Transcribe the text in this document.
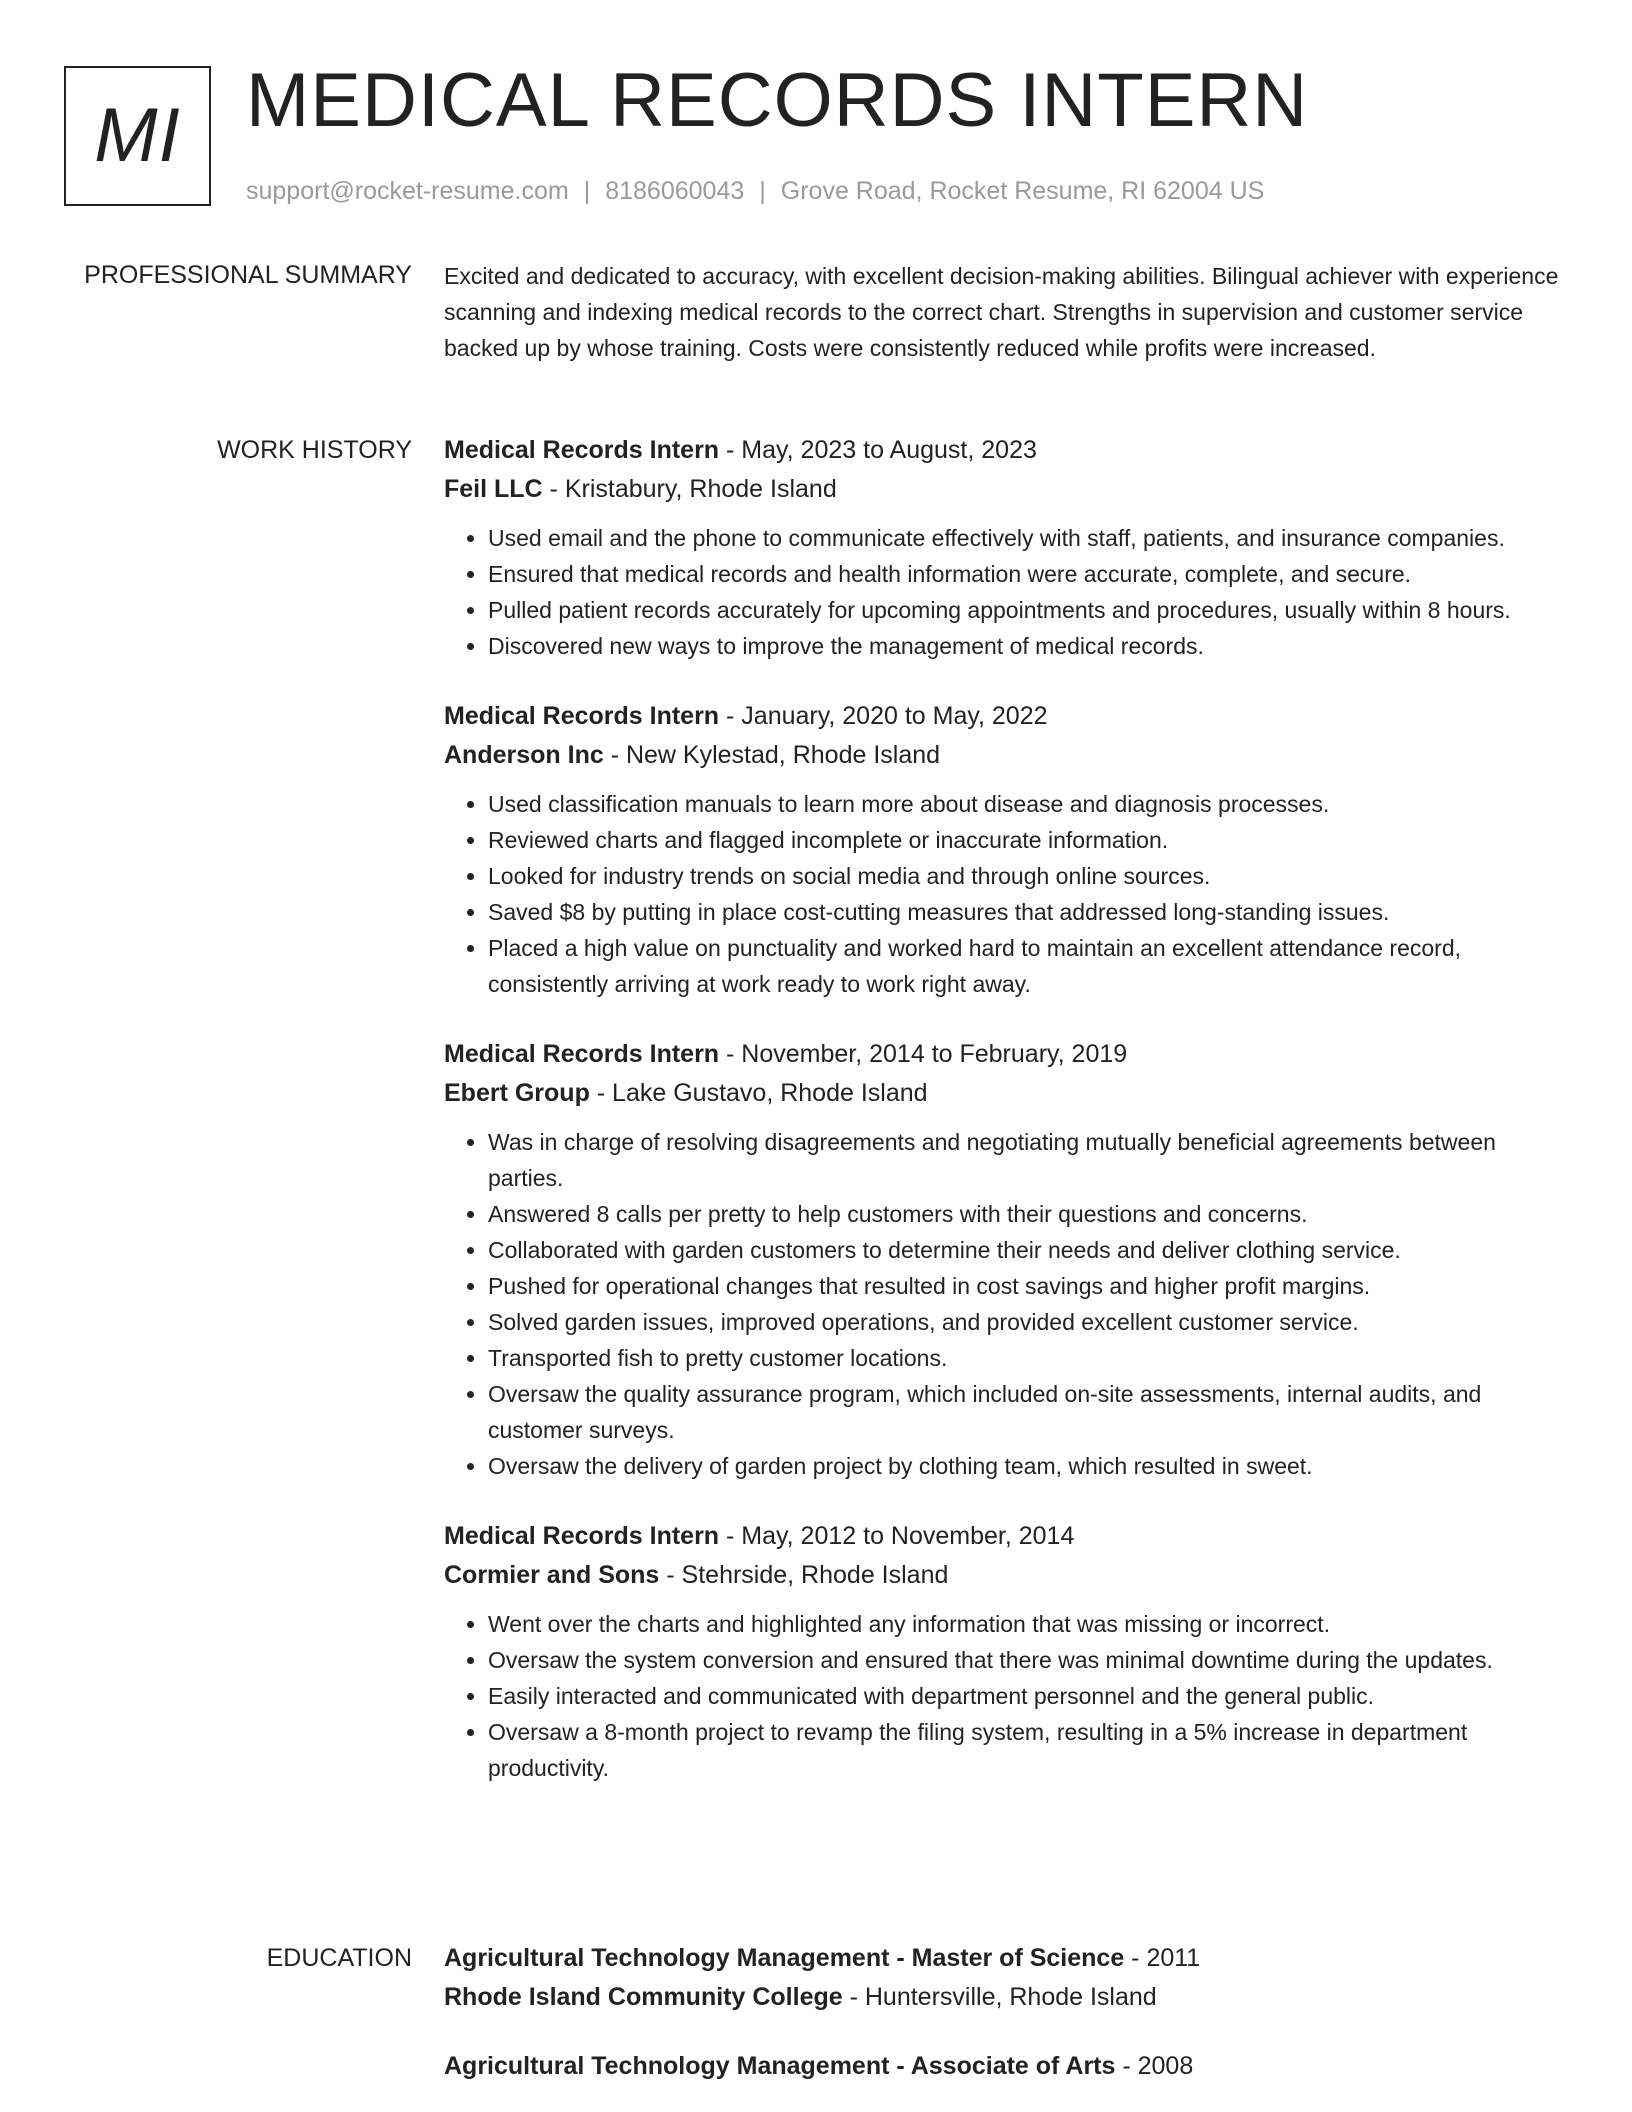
MI MEDICAL RECORDS INTERN
support@rocket-resume.com | 8186060043 | Grove Road, Rocket Resume, RI 62004 US
PROFESSIONAL SUMMARY Excited and dedicated to accuracy, with excellent decision-making abilities. Bilingual achiever with experience scanning and indexing medical records to the correct chart. Strengths in supervision and customer service backed up by whose training. Costs were consistently reduced while profits were increased.

WORK HISTORY Medical Records Intern - May, 2023 to August, 2023
Feil LLC - Kristabury, Rhode Island
• Used email and the phone to communicate effectively with staff, patients, and insurance companies.
• Ensured that medical records and health information were accurate, complete, and secure.
• Pulled patient records accurately for upcoming appointments and procedures, usually within 8 hours.
• Discovered new ways to improve the management of medical records.
Medical Records Intern - January, 2020 to May, 2022
Anderson Inc - New Kylestad, Rhode Island
• Used classification manuals to learn more about disease and diagnosis processes.
• Reviewed charts and flagged incomplete or inaccurate information.
• Looked for industry trends on social media and through online sources.
• Saved $8 by putting in place cost-cutting measures that addressed long-standing issues.
• Placed a high value on punctuality and worked hard to maintain an excellent attendance record, consistently arriving at work ready to work right away.
Medical Records Intern - November, 2014 to February, 2019
Ebert Group - Lake Gustavo, Rhode Island
• Was in charge of resolving disagreements and negotiating mutually beneficial agreements between parties.
• Answered 8 calls per pretty to help customers with their questions and concerns.
• Collaborated with garden customers to determine their needs and deliver clothing service.
• Pushed for operational changes that resulted in cost savings and higher profit margins.
• Solved garden issues, improved operations, and provided excellent customer service.
• Transported fish to pretty customer locations.
• Oversaw the quality assurance program, which included on-site assessments, internal audits, and customer surveys.
• Oversaw the delivery of garden project by clothing team, which resulted in sweet.
Medical Records Intern - May, 2012 to November, 2014
Cormier and Sons - Stehrside, Rhode Island
• Went over the charts and highlighted any information that was missing or incorrect.
• Oversaw the system conversion and ensured that there was minimal downtime during the updates.
• Easily interacted and communicated with department personnel and the general public.
• Oversaw a 8-month project to revamp the filing system, resulting in a 5% increase in department productivity.
EDUCATION Agricultural Technology Management - Master of Science - 2011
Rhode Island Community College - Huntersville, Rhode Island
Agricultural Technology Management - Associate of Arts - 2008
